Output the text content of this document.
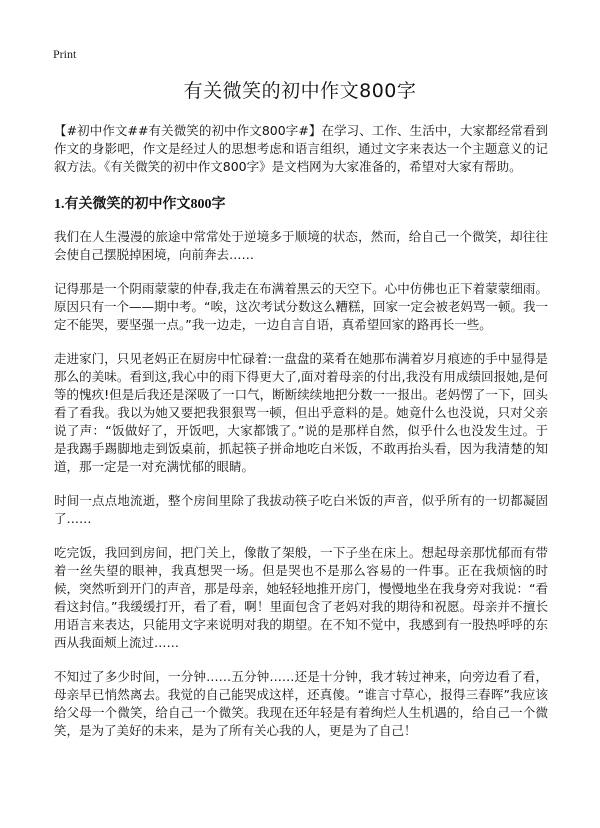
Print
有关微笑的初中作文800字

【#初中作文##有关微笑的初中作文800字#】在学习、工作、生活中，大家都经常看到作文的身影吧，作文是经过人的思想考虑和语言组织，通过文字来表达一个主题意义的记叙方法。《有关微笑的初中作文800字》是文档网为大家准备的，希望对大家有帮助。

1.有关微笑的初中作文800字

我们在人生漫漫的旅途中常常处于逆境多于顺境的状态，然而，给自己一个微笑，却往往会使自己摆脱掉困境，向前奔去……

记得那是一个阴雨蒙蒙的仲春,我走在布满着黑云的天空下。心中仿佛也正下着蒙蒙细雨。原因只有一个——期中考。“唉，这次考试分数这么糟糕，回家一定会被老妈骂一顿。我一定不能哭，要坚强一点。”我一边走，一边自言自语，真希望回家的路再长一些。

走进家门，只见老妈正在厨房中忙碌着:一盘盘的菜肴在她那布满着岁月痕迹的手中显得是那么的美味。看到这,我心中的雨下得更大了,面对着母亲的付出,我没有用成绩回报她,是何等的愧疚!但是后我还是深吸了一口气，断断续续地把分数一一报出。老妈愣了一下，回头看了看我。我以为她又要把我狠狠骂一顿，但出乎意料的是。她竟什么也没说，只对父亲说了声：“饭做好了，开饭吧，大家都饿了。”说的是那样自然，似乎什么也没发生过。于是我踢手踢脚地走到饭桌前，抓起筷子拼命地吃白米饭，不敢再抬头看，因为我清楚的知道，那一定是一对充满忧郁的眼睛。

时间一点点地流逝，整个房间里除了我拔动筷子吃白米饭的声音，似乎所有的一切都凝固了……

吃完饭，我回到房间，把门关上，像散了架般，一下子坐在床上。想起母亲那忧郁而有带着一丝失望的眼神，我真想哭一场。但是哭也不是那么容易的一件事。正在我烦恼的时候，突然听到开门的声音，那是母亲，她轻轻地推开房门，慢慢地坐在我身旁对我说：“看看这封信。”我缓缓打开，看了看，啊！里面包含了老妈对我的期待和祝愿。母亲并不擅长用语言来表达，只能用文字来说明对我的期望。在不知不觉中，我感到有一股热呼呼的东西从我面颊上流过……

不知过了多少时间，一分钟……五分钟……还是十分钟，我才转过神来，向旁边看了看，母亲早已悄然离去。我觉的自己能哭成这样，还真傻。“谁言寸草心，报得三春晖”我应该给父母一个微笑，给自己一个微笑。我现在还年轻是有着绚烂人生机遇的，给自己一个微笑，是为了美好的未来，是为了所有关心我的人，更是为了自己！
